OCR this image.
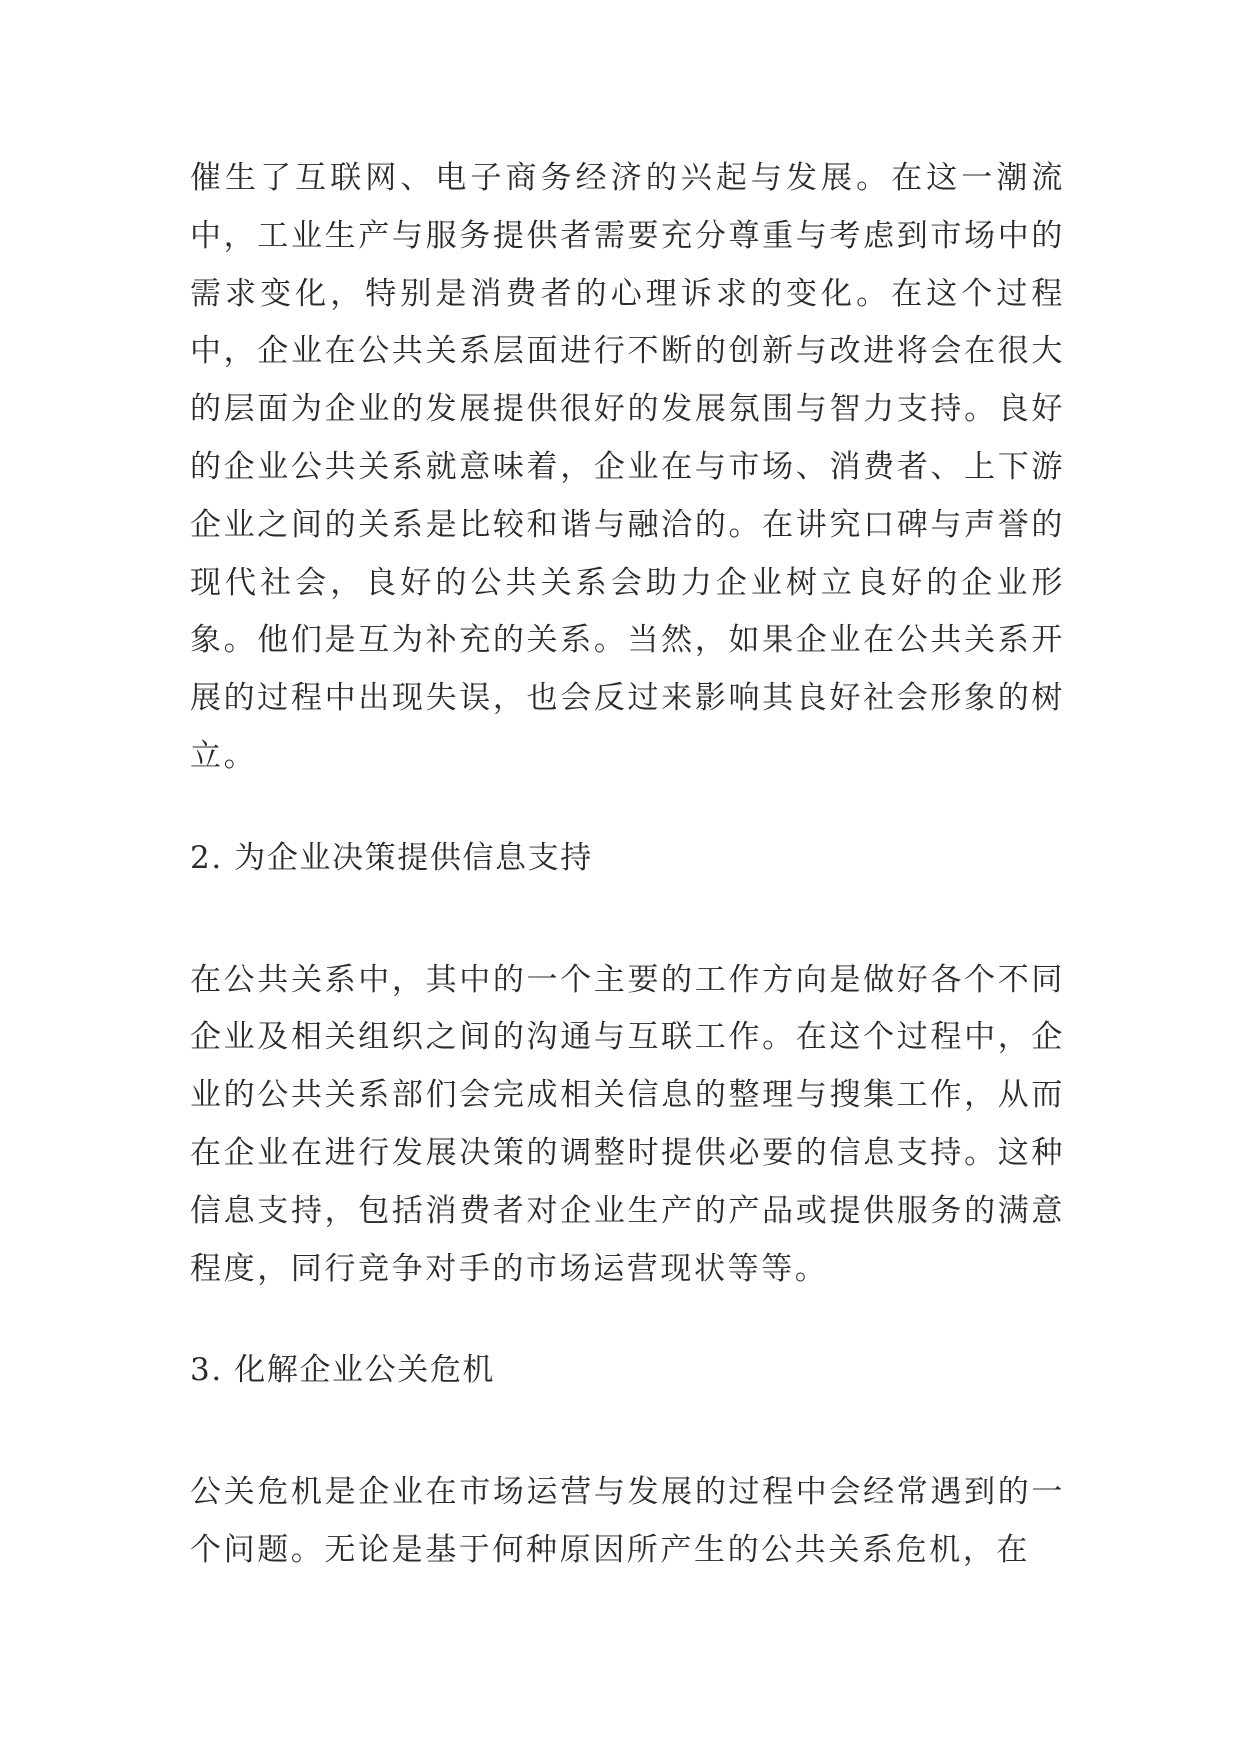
催生了互联网、电子商务经济的兴起与发展。在这一潮流中，工业生产与服务提供者需要充分尊重与考虑到市场中的需求变化，特别是消费者的心理诉求的变化。在这个过程中，企业在公共关系层面进行不断的创新与改进将会在很大的层面为企业的发展提供很好的发展氛围与智力支持。良好的企业公共关系就意味着，企业在与市场、消费者、上下游企业之间的关系是比较和谐与融洽的。在讲究口碑与声誉的现代社会，良好的公共关系会助力企业树立良好的企业形象。他们是互为补充的关系。当然，如果企业在公共关系开展的过程中出现失误，也会反过来影响其良好社会形象的树立。

2. 为企业决策提供信息支持

在公共关系中，其中的一个主要的工作方向是做好各个不同企业及相关组织之间的沟通与互联工作。在这个过程中，企业的公共关系部们会完成相关信息的整理与搜集工作，从而在企业在进行发展决策的调整时提供必要的信息支持。这种信息支持，包括消费者对企业生产的产品或提供服务的满意程度，同行竞争对手的市场运营现状等等。

3. 化解企业公关危机

公关危机是企业在市场运营与发展的过程中会经常遇到的一个问题。无论是基于何种原因所产生的公共关系危机，在
